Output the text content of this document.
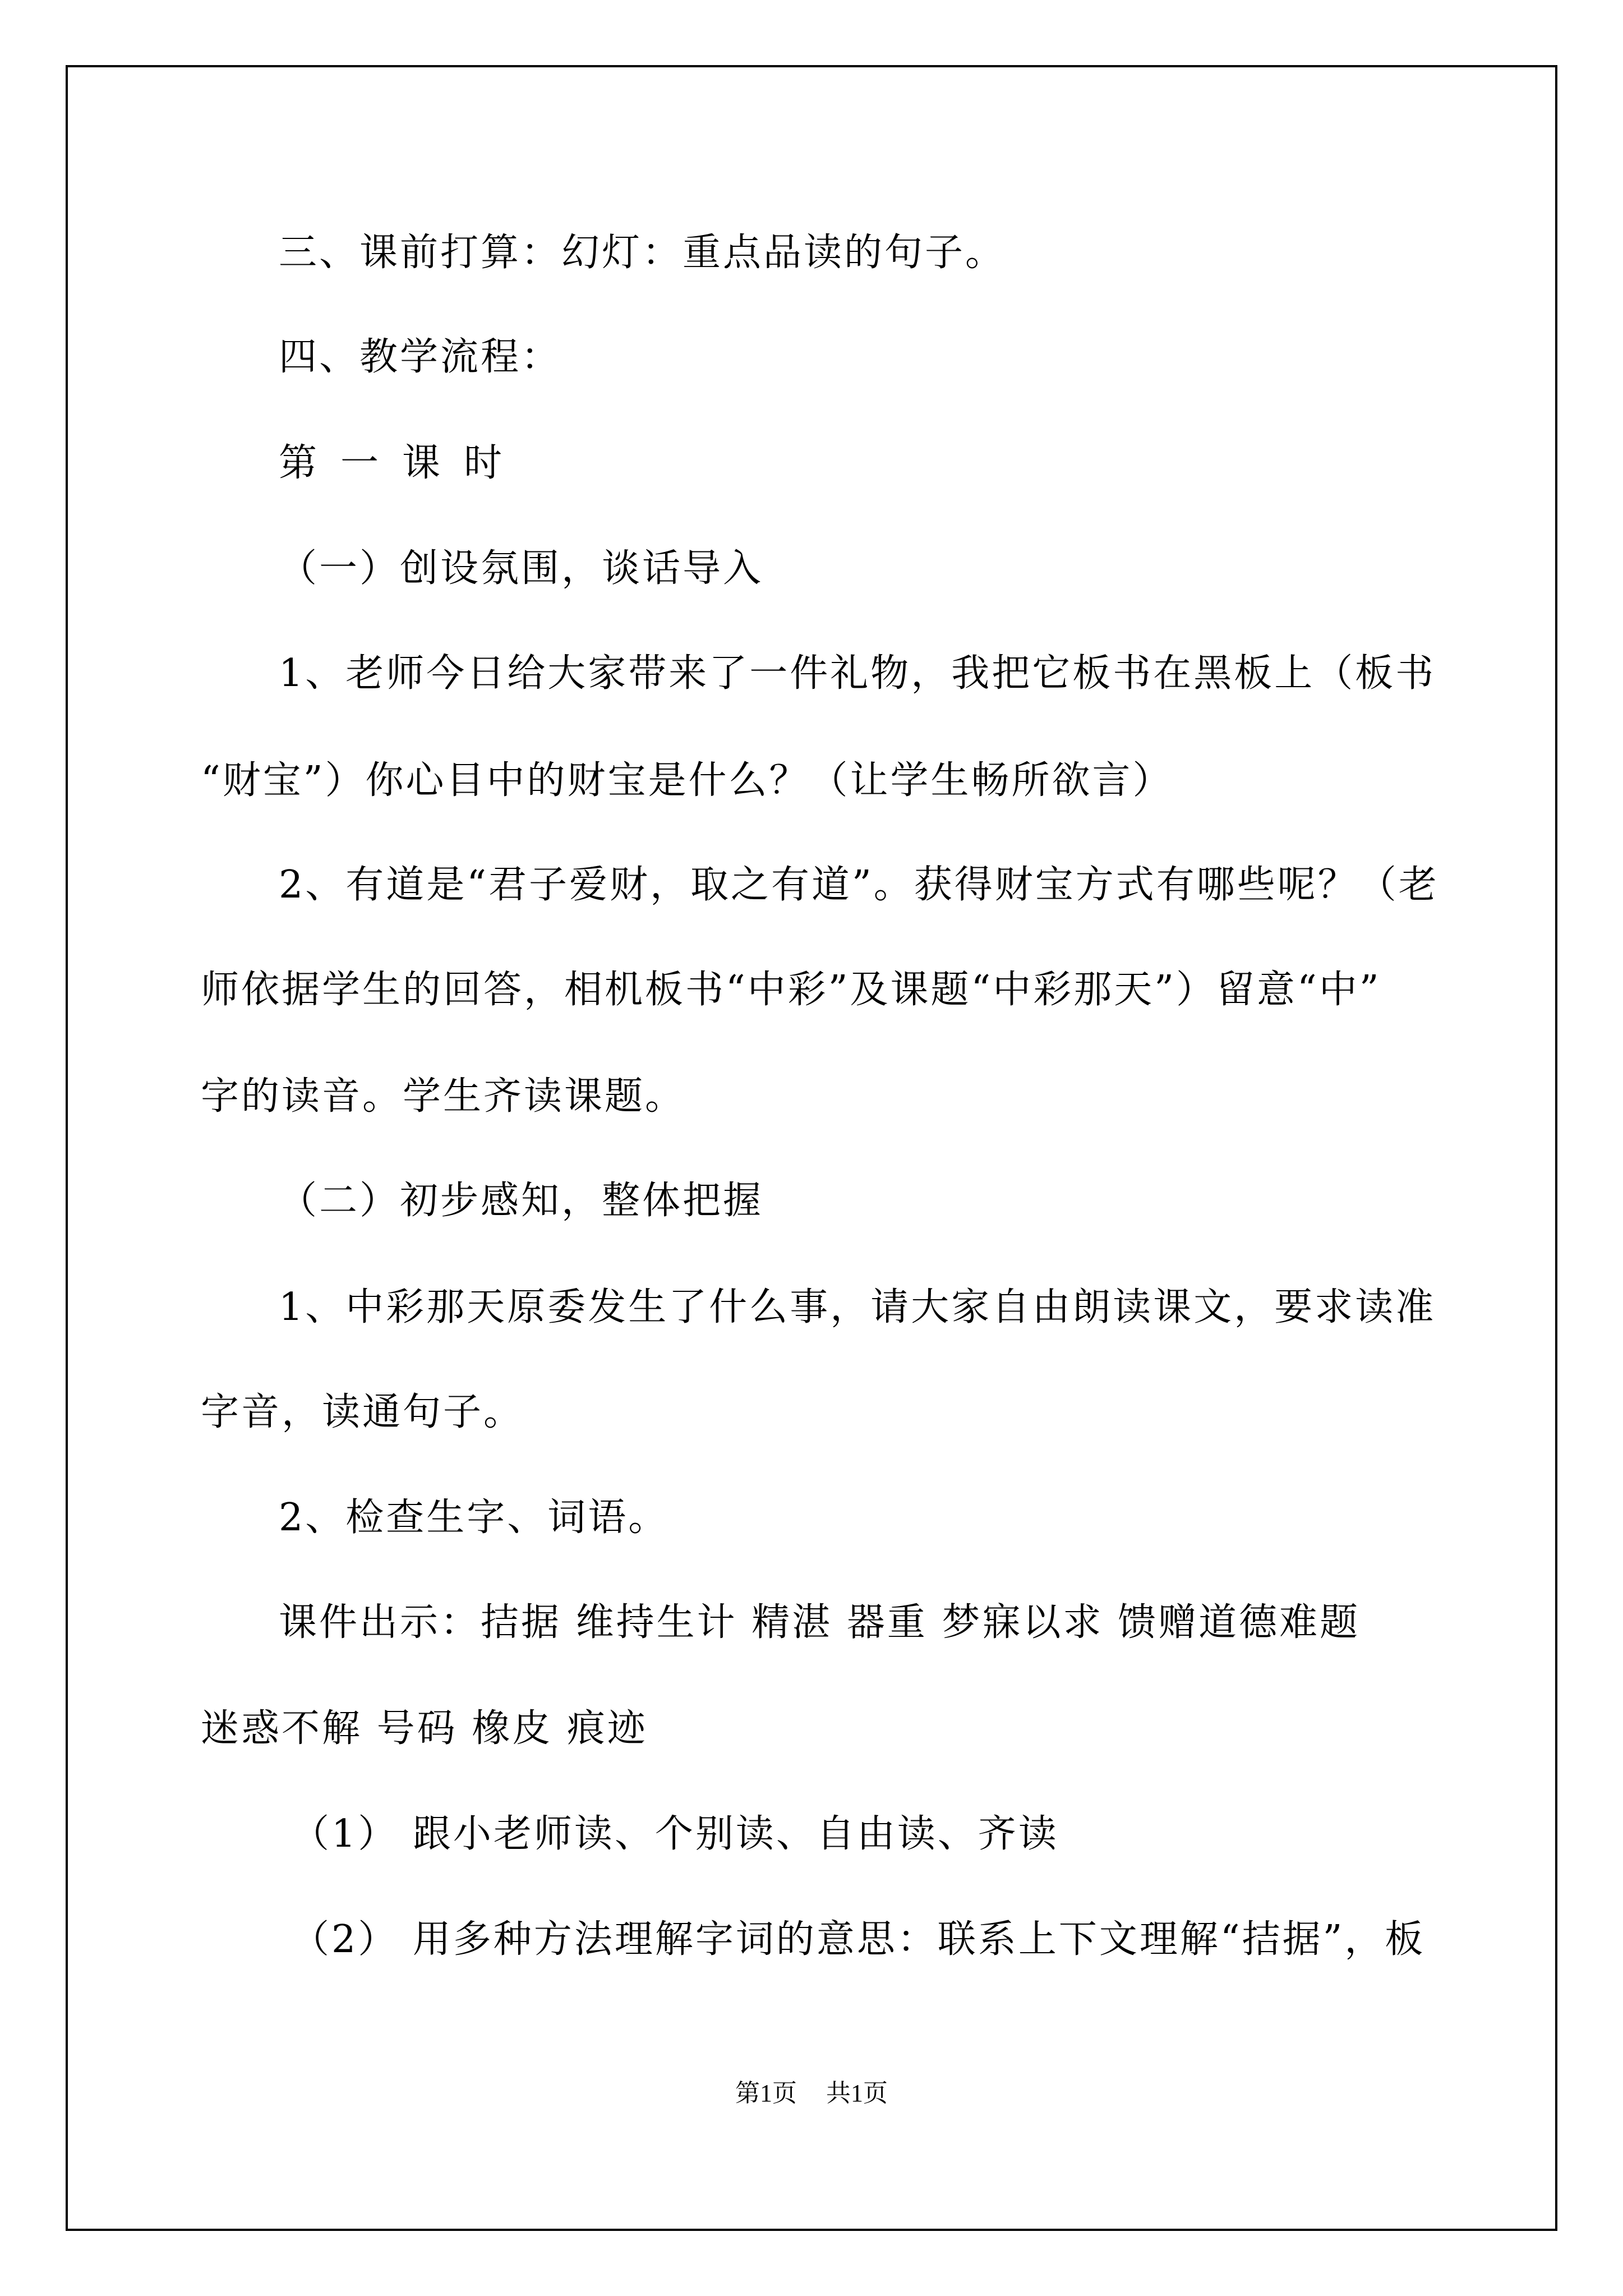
三、课前打算：幻灯：重点品读的句子。
四、教学流程：
第一课时
（一）创设氛围，谈话导入
1、老师今日给大家带来了一件礼物，我把它板书在黑板上（板书
“财宝”）你心目中的财宝是什么？（让学生畅所欲言）
2、有道是“君子爱财，取之有道”。获得财宝方式有哪些呢？（老
师依据学生的回答，相机板书“中彩”及课题“中彩那天”）留意“中”
字的读音。学生齐读课题。
（二）初步感知，整体把握
1、中彩那天原委发生了什么事，请大家自由朗读课文，要求读准
字音，读通句子。
2、检查生字、词语。
课件出示：拮据 维持生计 精湛 器重 梦寐以求 馈赠道德难题
迷惑不解 号码 橡皮 痕迹
（1） 跟小老师读、个别读、自由读、齐读
（2） 用多种方法理解字词的意思：联系上下文理解“拮据”，板
第1页 共1页
